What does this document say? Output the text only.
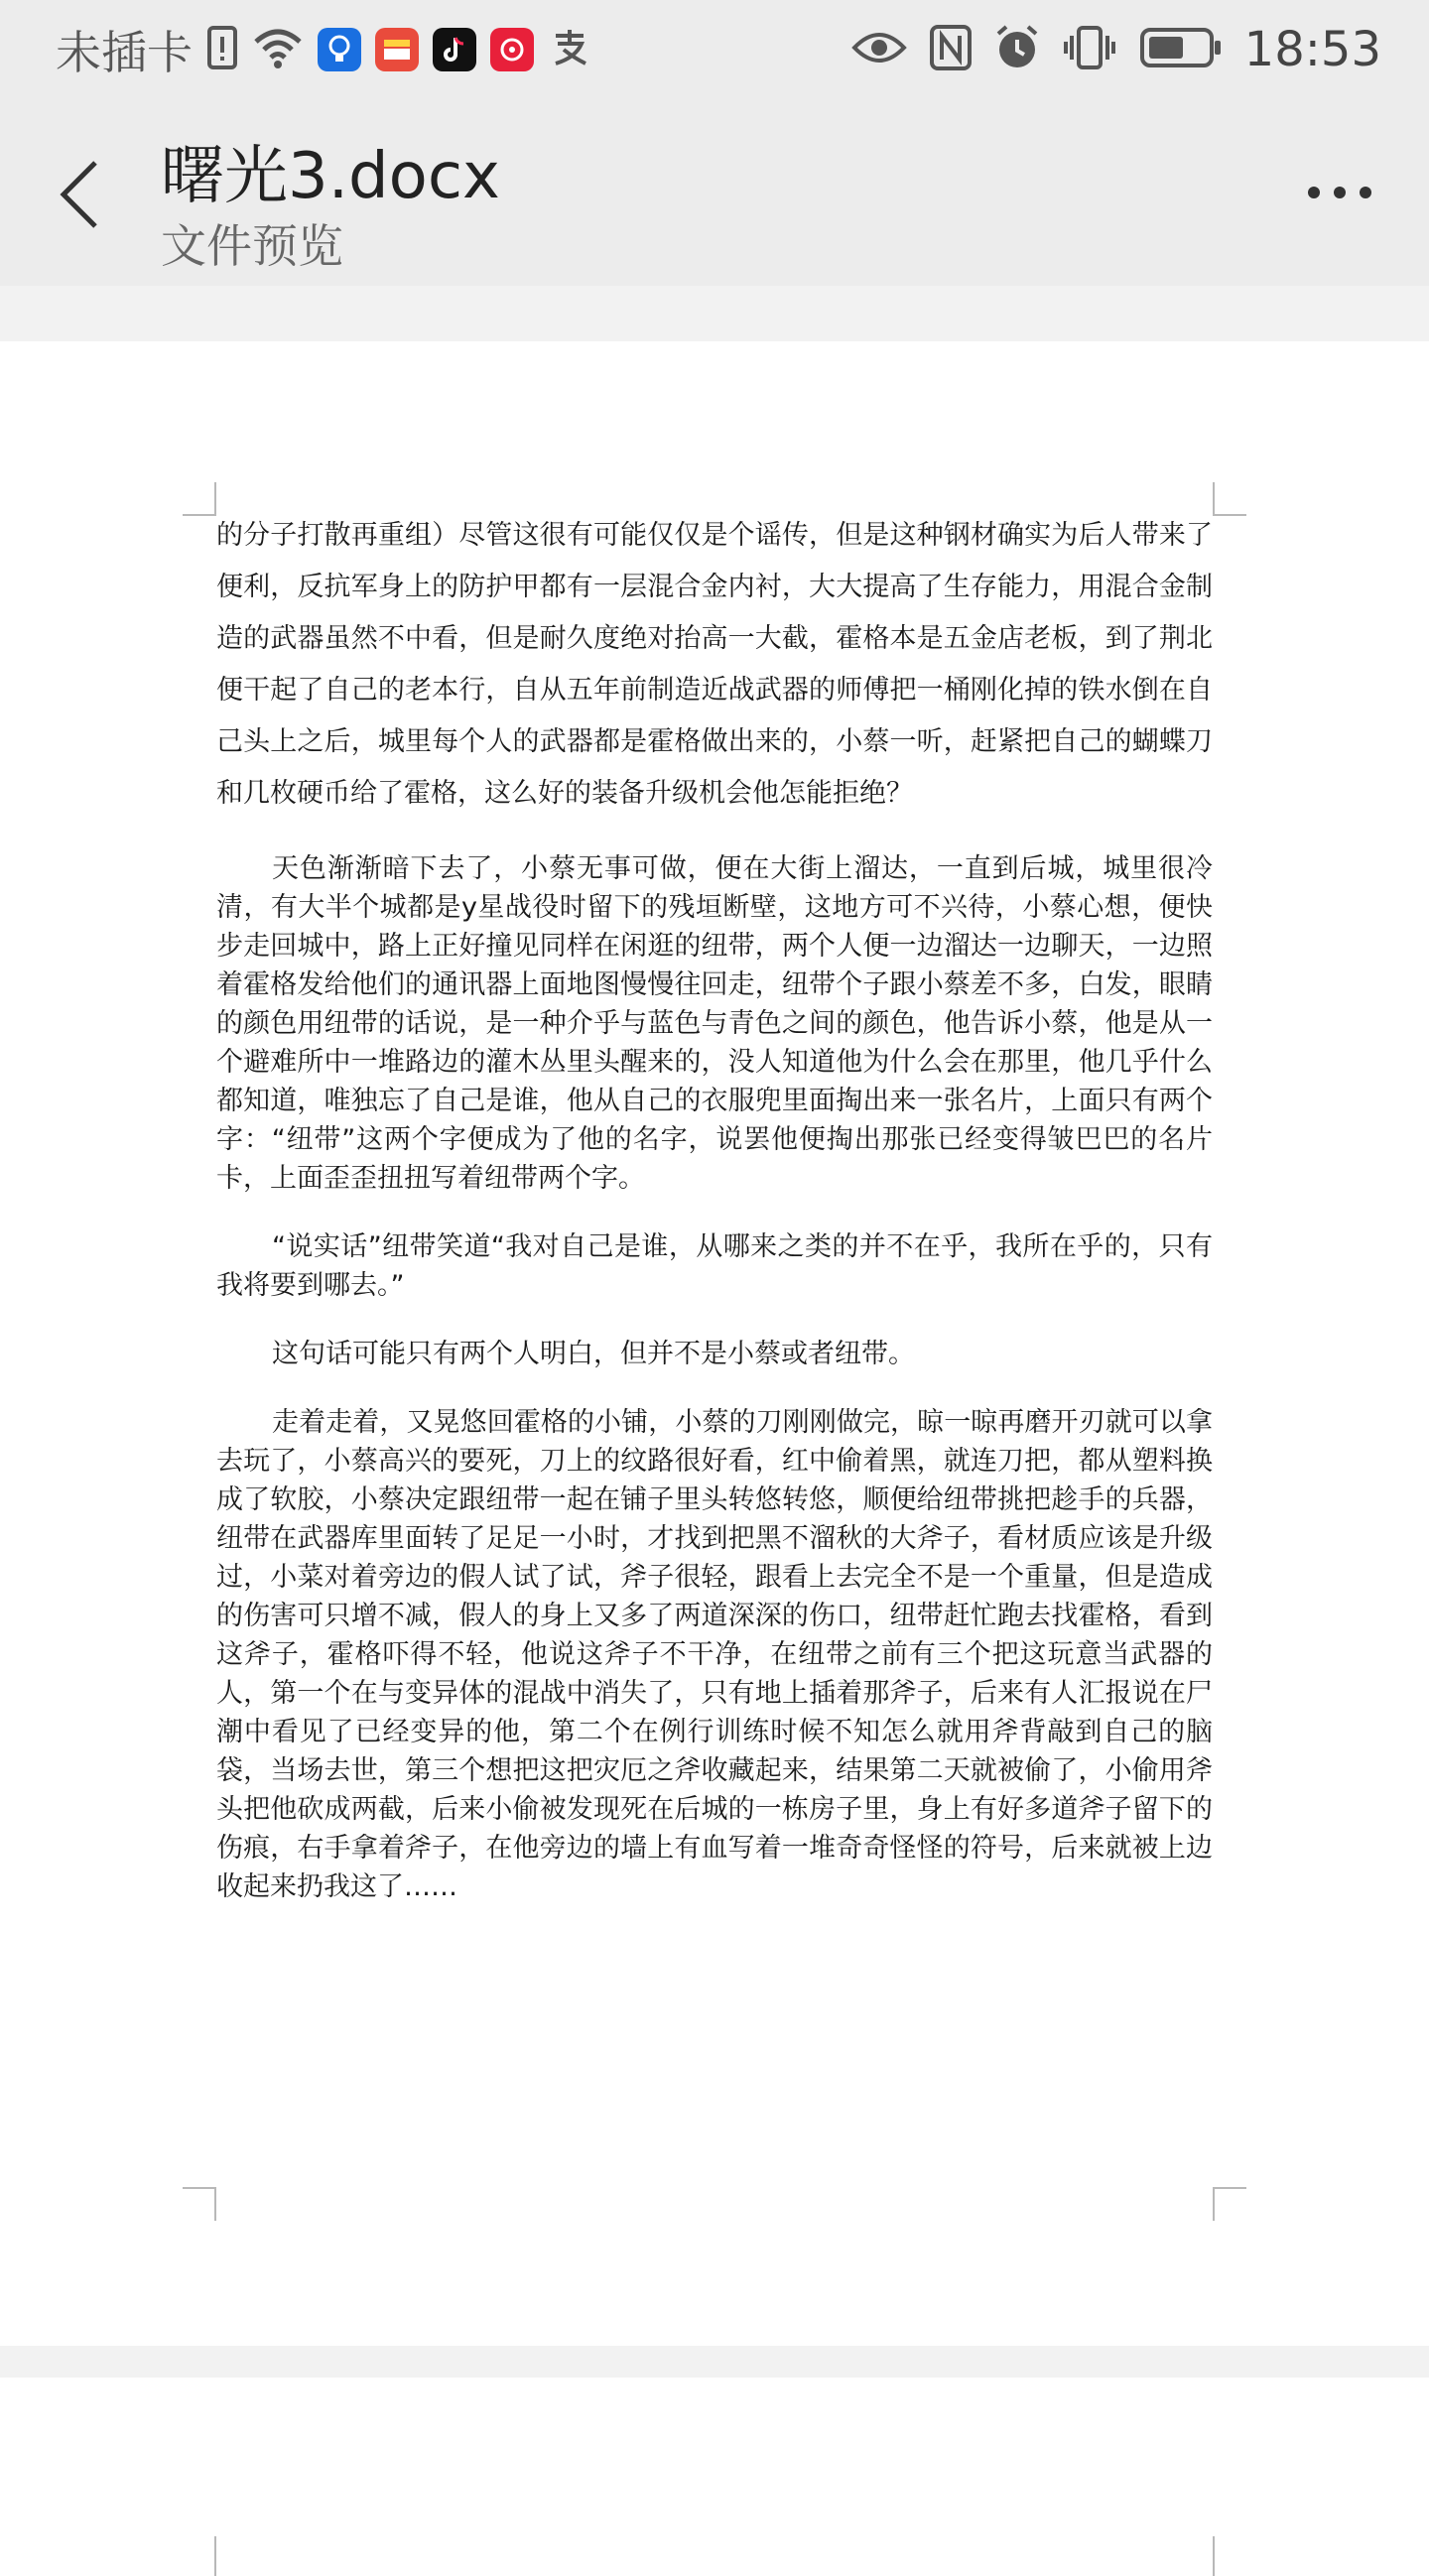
未插卡	18:53
曙光3.docx
文件预览

的分子打散再重组）尽管这很有可能仅仅是个谣传，但是这种钢材确实为后人带来了便利，反抗军身上的防护甲都有一层混合金内衬，大大提高了生存能力，用混合金制造的武器虽然不中看，但是耐久度绝对抬高一大截，霍格本是五金店老板，到了荆北便干起了自己的老本行，自从五年前制造近战武器的师傅把一桶刚化掉的铁水倒在自己头上之后，城里每个人的武器都是霍格做出来的，小蔡一听，赶紧把自己的蝴蝶刀和几枚硬币给了霍格，这么好的装备升级机会他怎能拒绝？

天色渐渐暗下去了，小蔡无事可做，便在大街上溜达，一直到后城，城里很冷清，有大半个城都是y星战役时留下的残垣断壁，这地方可不兴待，小蔡心想，便快步走回城中，路上正好撞见同样在闲逛的纽带，两个人便一边溜达一边聊天，一边照着霍格发给他们的通讯器上面地图慢慢往回走，纽带个子跟小蔡差不多，白发，眼睛的颜色用纽带的话说，是一种介乎与蓝色与青色之间的颜色，他告诉小蔡，他是从一个避难所中一堆路边的灌木丛里头醒来的，没人知道他为什么会在那里，他几乎什么都知道，唯独忘了自己是谁，他从自己的衣服兜里面掏出来一张名片，上面只有两个字：“纽带”这两个字便成为了他的名字，说罢他便掏出那张已经变得皱巴巴的名片卡，上面歪歪扭扭写着纽带两个字。

“说实话”纽带笑道“我对自己是谁，从哪来之类的并不在乎，我所在乎的，只有我将要到哪去。”

这句话可能只有两个人明白，但并不是小蔡或者纽带。

走着走着，又晃悠回霍格的小铺，小蔡的刀刚刚做完，晾一晾再磨开刃就可以拿去玩了，小蔡高兴的要死，刀上的纹路很好看，红中偷着黑，就连刀把，都从塑料换成了软胶，小蔡决定跟纽带一起在铺子里头转悠转悠，顺便给纽带挑把趁手的兵器，纽带在武器库里面转了足足一小时，才找到把黑不溜秋的大斧子，看材质应该是升级过，小菜对着旁边的假人试了试，斧子很轻，跟看上去完全不是一个重量，但是造成的伤害可只增不减，假人的身上又多了两道深深的伤口，纽带赶忙跑去找霍格，看到这斧子，霍格吓得不轻，他说这斧子不干净，在纽带之前有三个把这玩意当武器的人，第一个在与变异体的混战中消失了，只有地上插着那斧子，后来有人汇报说在尸潮中看见了已经变异的他，第二个在例行训练时候不知怎么就用斧背敲到自己的脑袋，当场去世，第三个想把这把灾厄之斧收藏起来，结果第二天就被偷了，小偷用斧头把他砍成两截，后来小偷被发现死在后城的一栋房子里，身上有好多道斧子留下的伤痕，右手拿着斧子，在他旁边的墙上有血写着一堆奇奇怪怪的符号，后来就被上边收起来扔我这了……
